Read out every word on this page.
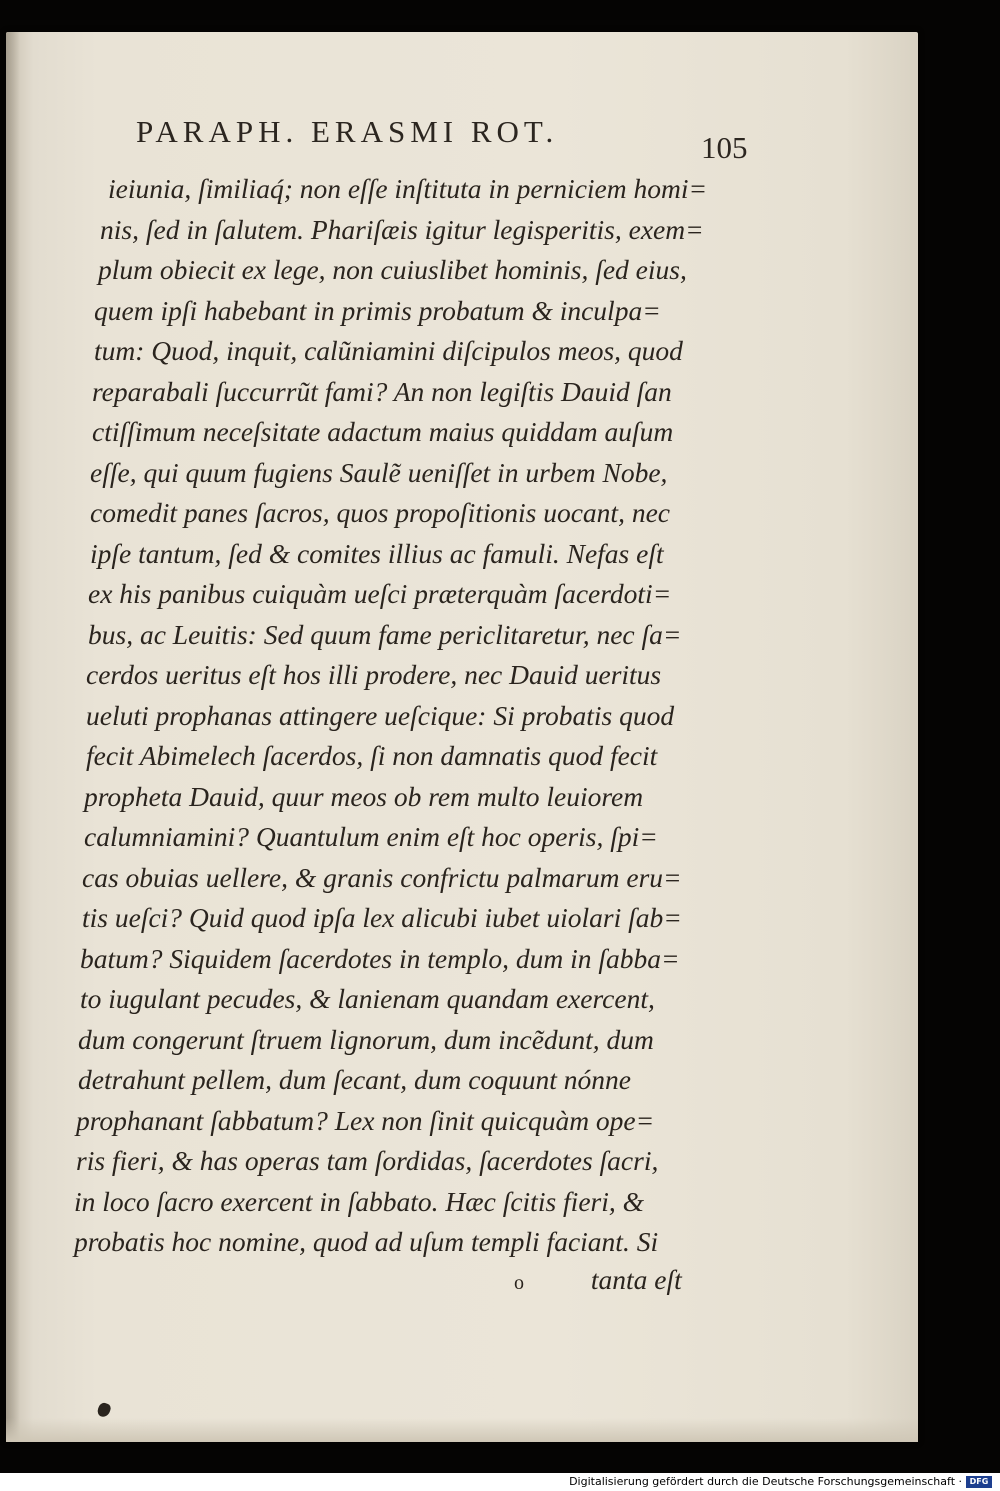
PARAPH. ERASMI ROT.	105
ieiunia, ſimiliaq́; non eſſe inſtituta in perniciem homi=
nis, ſed in ſalutem. Phariſæis igitur legisperitis, exem=
plum obiecit ex lege, non cuiuslibet hominis, ſed eius,
quem ipſi habebant in primis probatum & inculpa=
tum: Quod, inquit, calũniamini diſcipulos meos, quod
reparabali ſuccurrũt fami? An non legiſtis Dauid ſan
ctiſſimum neceſsitate adactum maius quiddam auſum
eſſe, qui quum fugiens Saulẽ ueniſſet in urbem Nobe,
comedit panes ſacros, quos propoſitionis uocant, nec
ipſe tantum, ſed & comites illius ac famuli. Nefas eſt
ex his panibus cuiquàm ueſci præterquàm ſacerdoti=
bus, ac Leuitis: Sed quum fame periclitaretur, nec ſa=
cerdos ueritus eſt hos illi prodere, nec Dauid ueritus
ueluti prophanas attingere ueſcique: Si probatis quod
fecit Abimelech ſacerdos, ſi non damnatis quod fecit
propheta Dauid, quur meos ob rem multo leuiorem
calumniamini? Quantulum enim eſt hoc operis, ſpi=
cas obuias uellere, & granis confrictu palmarum eru=
tis ueſci? Quid quod ipſa lex alicubi iubet uiolari ſab=
batum? Siquidem ſacerdotes in templo, dum in ſabba=
to iugulant pecudes, & lanienam quandam exercent,
dum congerunt ſtruem lignorum, dum incẽdunt, dum
detrahunt pellem, dum ſecant, dum coquunt nónne
prophanant ſabbatum? Lex non ſinit quicquàm ope=
ris fieri, & has operas tam ſordidas, ſacerdotes ſacri,
in loco ſacro exercent in ſabbato. Hæc ſcitis fieri, &
probatis hoc nomine, quod ad uſum templi faciant. Si
o tanta eſt
Digitalisierung gefördert durch die Deutsche Forschungsgemeinschaft · DFG
